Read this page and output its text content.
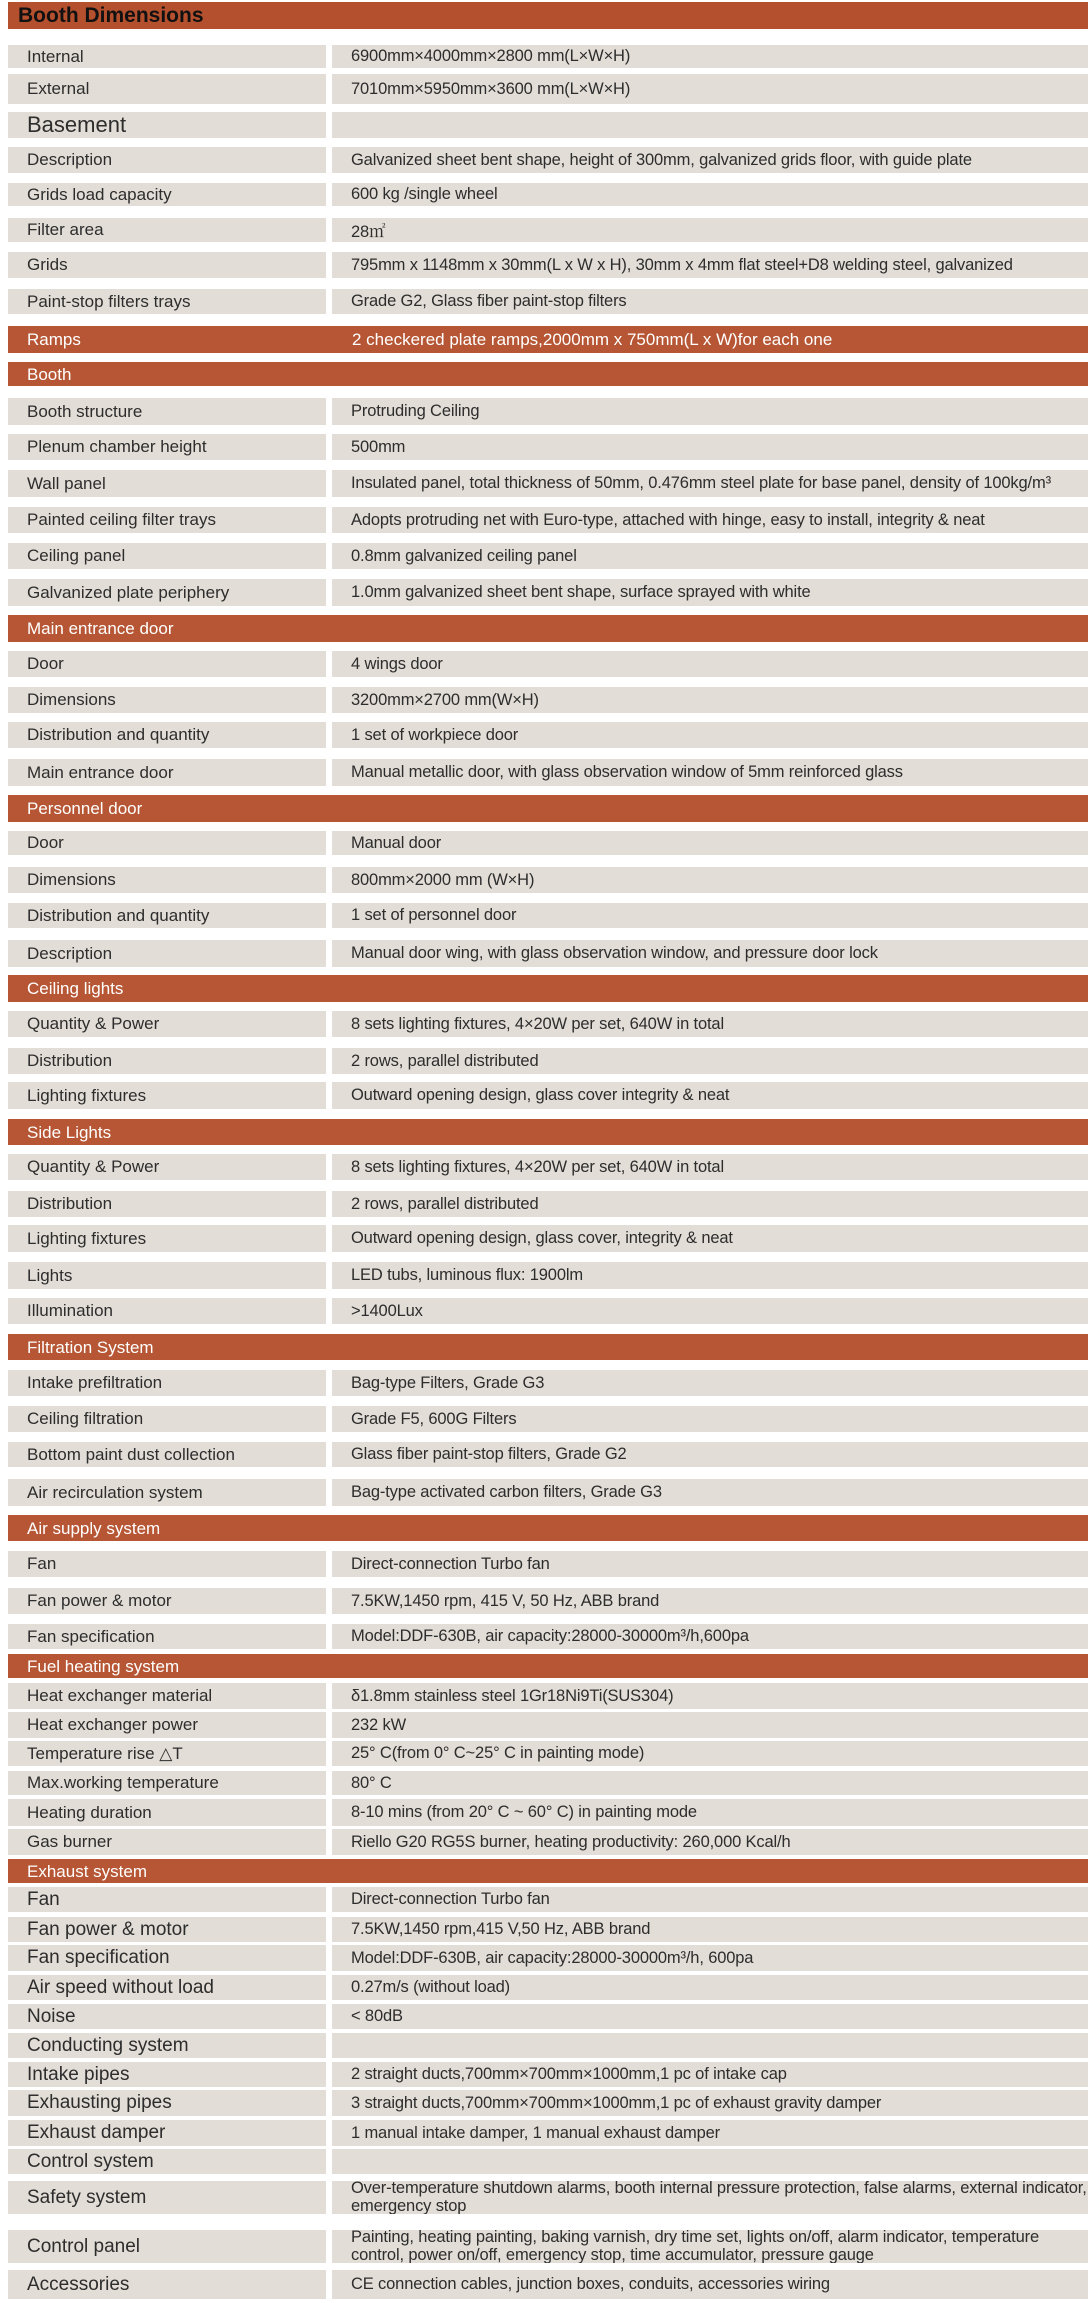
Booth Dimensions
Internal	6900mm×4000mm×2800 mm(L×W×H)
External	7010mm×5950mm×3600 mm(L×W×H)
Basement
Description	Galvanized sheet bent shape, height of 300mm, galvanized grids floor, with guide plate
Grids load capacity	600 kg /single wheel
Filter area	28㎡
Grids	795mm x 1148mm x 30mm(L x W x H), 30mm x 4mm flat steel+D8 welding steel, galvanized
Paint-stop filters trays	Grade G2, Glass fiber paint-stop filters
Ramps	2 checkered plate ramps,2000mm x 750mm(L x W)for each one
Booth
Booth structure	Protruding Ceiling
Plenum chamber height	500mm
Wall panel	Insulated panel, total thickness of 50mm, 0.476mm steel plate for base panel, density of 100kg/m³
Painted ceiling filter trays	Adopts protruding net with Euro-type, attached with hinge, easy to install, integrity & neat
Ceiling panel	0.8mm galvanized ceiling panel
Galvanized plate periphery	1.0mm galvanized sheet bent shape, surface sprayed with white
Main entrance door
Door	4 wings door
Dimensions	3200mm×2700 mm(W×H)
Distribution and quantity	1 set of workpiece door
Main entrance door	Manual metallic door, with glass observation window of 5mm reinforced glass
Personnel door
Door	Manual door
Dimensions	800mm×2000 mm (W×H)
Distribution and quantity	1 set of personnel door
Description	Manual door wing, with glass observation window, and pressure door lock
Ceiling lights
Quantity & Power	8 sets lighting fixtures, 4×20W per set, 640W in total
Distribution	2 rows, parallel distributed
Lighting fixtures	Outward opening design, glass cover integrity & neat
Side Lights
Quantity & Power	8 sets lighting fixtures, 4×20W per set, 640W in total
Distribution	2 rows, parallel distributed
Lighting fixtures	Outward opening design, glass cover, integrity & neat
Lights	LED tubs, luminous flux: 1900lm
Illumination	>1400Lux
Filtration System
Intake prefiltration	Bag-type Filters, Grade G3
Ceiling filtration	Grade F5, 600G Filters
Bottom paint dust collection	Glass fiber paint-stop filters, Grade G2
Air recirculation system	Bag-type activated carbon filters, Grade G3
Air supply system
Fan	Direct-connection Turbo fan
Fan power & motor	7.5KW,1450 rpm, 415 V, 50 Hz, ABB brand
Fan specification	Model:DDF-630B, air capacity:28000-30000m³/h,600pa
Fuel heating system
Heat exchanger material	δ1.8mm stainless steel 1Gr18Ni9Ti(SUS304)
Heat exchanger power	232 kW
Temperature rise △T	25° C(from 0° C~25° C in painting mode)
Max.working temperature	80° C
Heating duration	8-10 mins (from 20° C ~ 60° C) in painting mode
Gas burner	Riello G20 RG5S burner, heating productivity: 260,000 Kcal/h
Exhaust system
Fan	Direct-connection Turbo fan
Fan power & motor	7.5KW,1450 rpm,415 V,50 Hz, ABB brand
Fan specification	Model:DDF-630B, air capacity:28000-30000m³/h, 600pa
Air speed without load	0.27m/s (without load)
Noise	< 80dB
Conducting system
Intake pipes	2 straight ducts,700mm×700mm×1000mm,1 pc of intake cap
Exhausting pipes	3 straight ducts,700mm×700mm×1000mm,1 pc of exhaust gravity damper
Exhaust damper	1 manual intake damper, 1 manual exhaust damper
Control system
Safety system	Over-temperature shutdown alarms, booth internal pressure protection, false alarms, external indicator, emergency stop
Control panel	Painting, heating painting, baking varnish, dry time set, lights on/off, alarm indicator, temperature control, power on/off, emergency stop, time accumulator, pressure gauge
Accessories	CE connection cables, junction boxes, conduits, accessories wiring
